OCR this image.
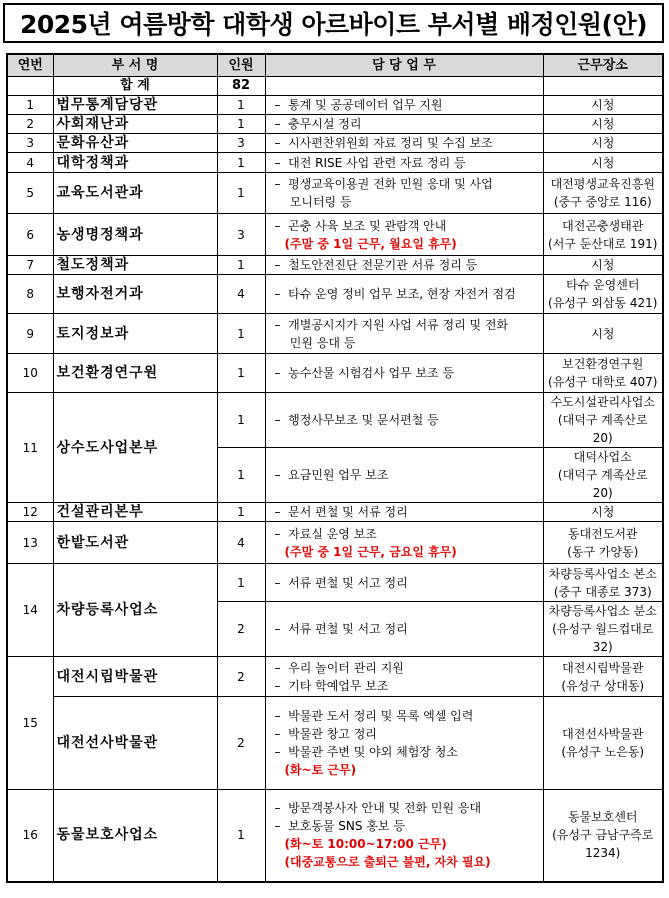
2025년 여름방학 대학생 아르바이트 부서별 배정인원(안)
연번	부 서 명	인원	담 당 업 무	근무장소
	합 계	82		
1	법무통계담당관	1	–  통계 및 공공데이터 업무 지원	시청

2	사회재난과	1	–  충무시설 정리	시청

3	문화유산과	3	–  시사편찬위원회 자료 정리 및 수집 보조	시청

4	대학정책과	1	–  대전 RISE 사업 관련 자료 정리 등	시청

5	교육도서관과	1	–  평생교육이용권 전화 민원 응대 및 사업
모니터링 등	대전평생교육진흥원
(중구 중앙로 116)

6	농생명정책과	3	–  곤충 사육 보조 및 관람객 안내
(주말 중 1일 근무, 월요일 휴무)	대전곤충생태관
(서구 둔산대로 191)

7	철도정책과	1	–  철도안전진단 전문기관 서류 정리 등	시청

8	보행자전거과	4	–  타슈 운영 정비 업무 보조, 현장 자전거 점검	타슈 운영센터
(유성구 외삼동 421)

9	토지정보과	1	–  개별공시지가 지원 사업 서류 정리 및 전화
민원 응대 등	시청

10	보건환경연구원	1	–  농수산물 시험검사 업무 보조 등	보건환경연구원
(유성구 대학로 407)

11	상수도사업본부	1	–  행정사무보조 및 문서편철 등	수도시설관리사업소
(대덕구 계족산로 20)

		1	–  요금민원 업무 보조	대덕사업소
(대덕구 계족산로 20)

12	건설관리본부	1	–  문서 편철 및 서류 정리	시청

13	한밭도서관	4	–  자료실 운영 보조
(주말 중 1일 근무, 금요일 휴무)	동대전도서관
(동구 가양동)

14	차량등록사업소	1	–  서류 편철 및 서고 정리	차량등록사업소 본소
(중구 대종로 373)

		2	–  서류 편철 및 서고 정리	차량등록사업소 분소
(유성구 월드컵대로32)

15	대전시립박물관	2	–  우리 놀이터 관리 지원
–  기타 학예업무 보조	대전시립박물관
(유성구 상대동)

	대전선사박물관	2	–  박물관 도서 정리 및 목록 엑셀 입력
–  박물관 창고 정리
–  박물관 주변 및 야외 체험장 청소
(화~토 근무)	대전선사박물관
(유성구 노은동)

16	동물보호사업소	1	–  방문객봉사자 안내 및 전화 민원 응대
–  보호동물 SNS 홍보 등
(화~토 10:00~17:00 근무)
(대중교통으로 출퇴근 불편, 자차 필요)	동물보호센터
(유성구 금남구즉로
1234)
